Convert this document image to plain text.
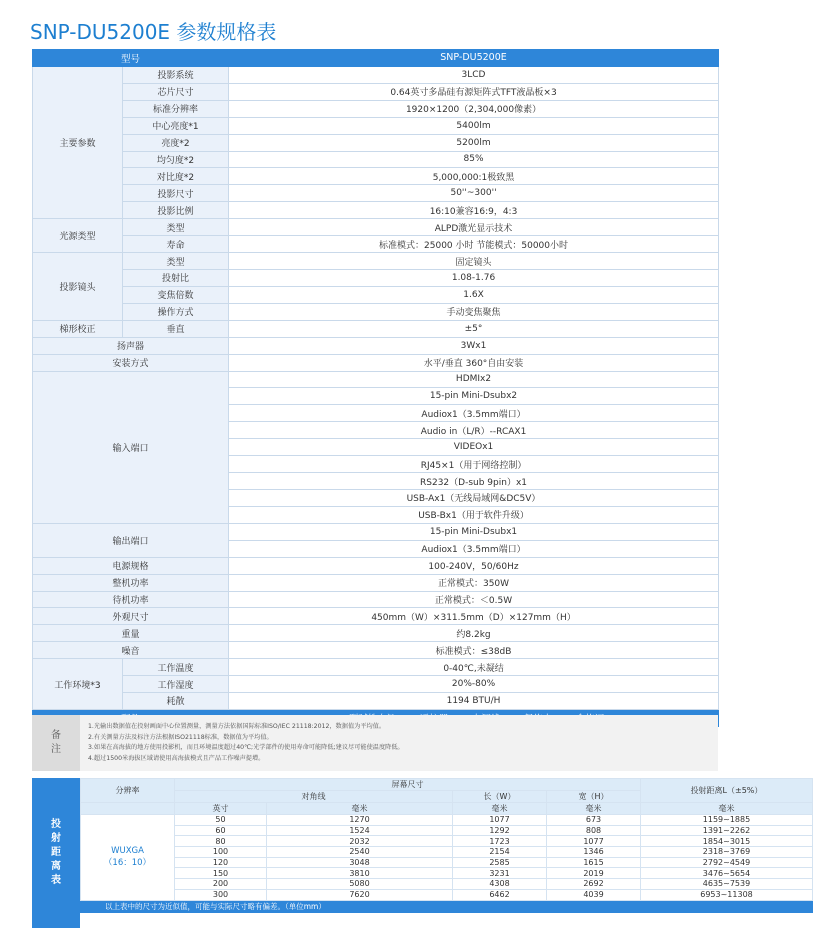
SNP-DU5200E 参数规格表
型号		SNP-DU5200E
主要参数	投影系统	3LCD
	芯片尺寸	0.64英寸多晶硅有源矩阵式TFT液晶板×3
	标准分辨率	1920×1200（2,304,000像素）
	中心亮度*1	5400lm
	亮度*2	5200lm
	均匀度*2	85%
	对比度*2	5,000,000:1极致黑
	投影尺寸	50''~300''
	投影比例	16:10兼容16:9，4:3
光源类型	类型	ALPD激光显示技术
	寿命	标准模式：25000 小时 节能模式：50000小时
投影镜头	类型	固定镜头
	投射比	1.08-1.76
	变焦倍数	1.6X
	操作方式	手动变焦聚焦
梯形校正	垂直	±5°
扬声器		3Wx1
安装方式		水平/垂直 360°自由安装
输入端口		HDMIx2
		15-pin Mini-Dsubx2
		Audiox1（3.5mm端口）
		Audio in（L/R）--RCAX1
		VIDEOx1
		RJ45×1（用于网络控制）
		RS232（D-sub 9pin）x1
		USB-Ax1（无线局域网&DC5V）
		USB-Bx1（用于软件升级）
输出端口		15-pin Mini-Dsubx1
		Audiox1（3.5mm端口）
电源规格		100-240V，50/60Hz
整机功率		正常模式：350W
待机功率		正常模式：＜0.5W
外观尺寸		450mm（W）×311.5mm（D）×127mm（H）
重量		约8.2kg
噪音		标准模式：≤38dB
工作环境*3	工作温度	0-40℃,未凝结
	工作湿度	20%-80%
	耗散	1194 BTU/H

备
注
1.光输出数据值在投射画面中心位置测量，测量方法依据国际标准ISO/IEC 21118:2012，数据值为平均值。
2.有关测量方法及标注方法根据ISO21118标准，数据值为平均值。
3.如果在高海拔的地方使用投影机，而且环境温度超过40℃;光学部件的使用寿命可能降低;建议尽可能使温度降低。
4.超过1500米海拔区域请使用高海拔模式且产品工作噪声提增。
投
射
距
离
表
分辨率	屏幕尺寸				投射距离L（±5%）
	对角线		长（W）	宽（H）	
	英寸	毫米	毫米	毫米	毫米

WUXGA
（16：10）	50	1270	1077	673	1159~1885
	60	1524	1292	808	1391~2262
	80	2032	1723	1077	1854~3015
	100	2540	2154	1346	2318~3769
	120	3048	2585	1615	2792~4549
	150	3810	3231	2019	3476~5654
	200	5080	4308	2692	4635~7539
	300	7620	6462	4039	6953~11308
以上表中的尺寸为近似值，可能与实际尺寸略有偏差。（单位mm）					
